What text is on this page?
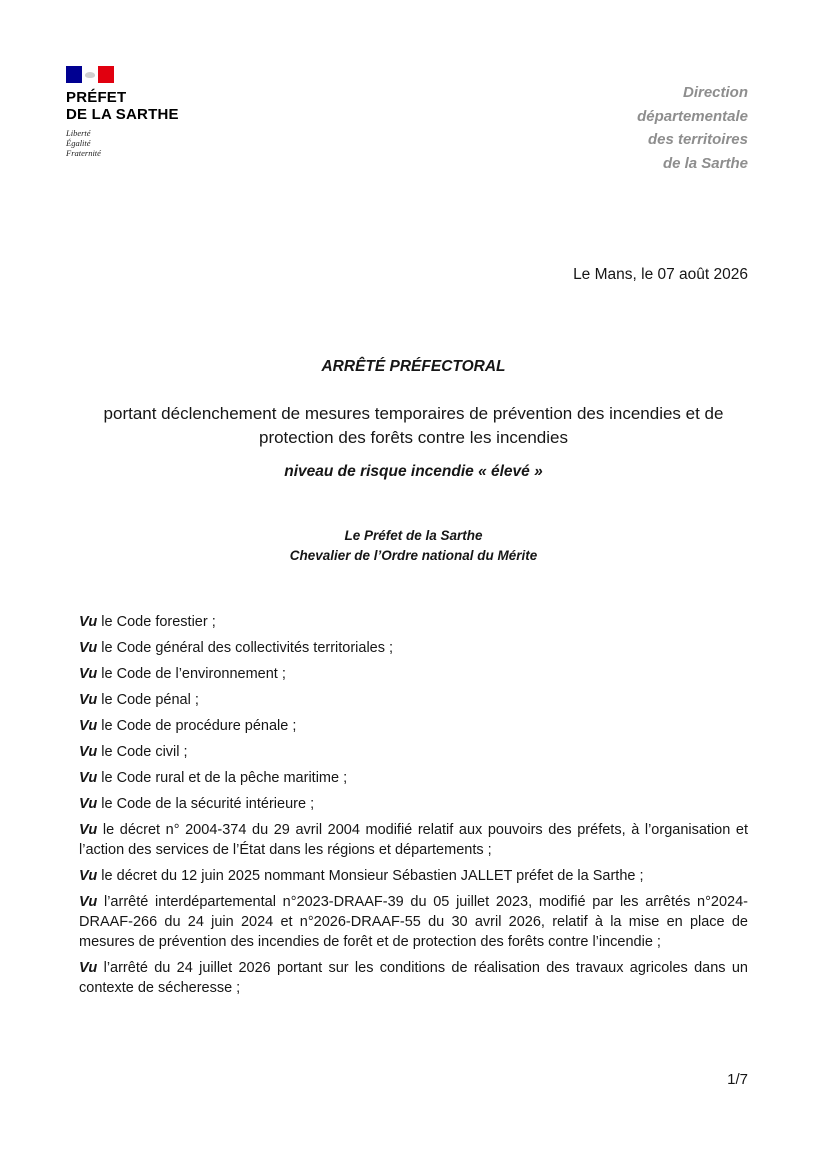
PRÉFET
DE LA SARTHE
Liberté
Égalité
Fraternité
Direction
départementale
des territoires
de la Sarthe
Le Mans, le 07 août 2026
ARRÊTÉ PRÉFECTORAL
portant déclenchement de mesures temporaires de prévention des incendies et de
protection des forêts contre les incendies
niveau de risque incendie « élevé »
Le Préfet de la Sarthe
Chevalier de l’Ordre national du Mérite

Vu le Code forestier ;

Vu le Code général des collectivités territoriales ;

Vu le Code de l’environnement ;

Vu le Code pénal ;

Vu le Code de procédure pénale ;

Vu le Code civil ;

Vu le Code rural et de la pêche maritime ;

Vu le Code de la sécurité intérieure ;

Vu le décret n° 2004-374 du 29 avril 2004 modifié relatif aux pouvoirs des préfets, à l’organisation et l’action des services de l’État dans les régions et départements ;

Vu le décret du 12 juin 2025 nommant Monsieur Sébastien JALLET préfet de la Sarthe ;

Vu l’arrêté interdépartemental n°2023-DRAAF-39 du 05 juillet 2023, modifié par les arrêtés n°2024-DRAAF-266 du 24 juin 2024 et n°2026-DRAAF-55 du 30 avril 2026, relatif à la mise en place de mesures de prévention des incendies de forêt et de protection des forêts contre l’incendie ;

Vu l’arrêté du 24 juillet 2026 portant sur les conditions de réalisation des travaux agricoles dans un contexte de sécheresse ;

1/7
